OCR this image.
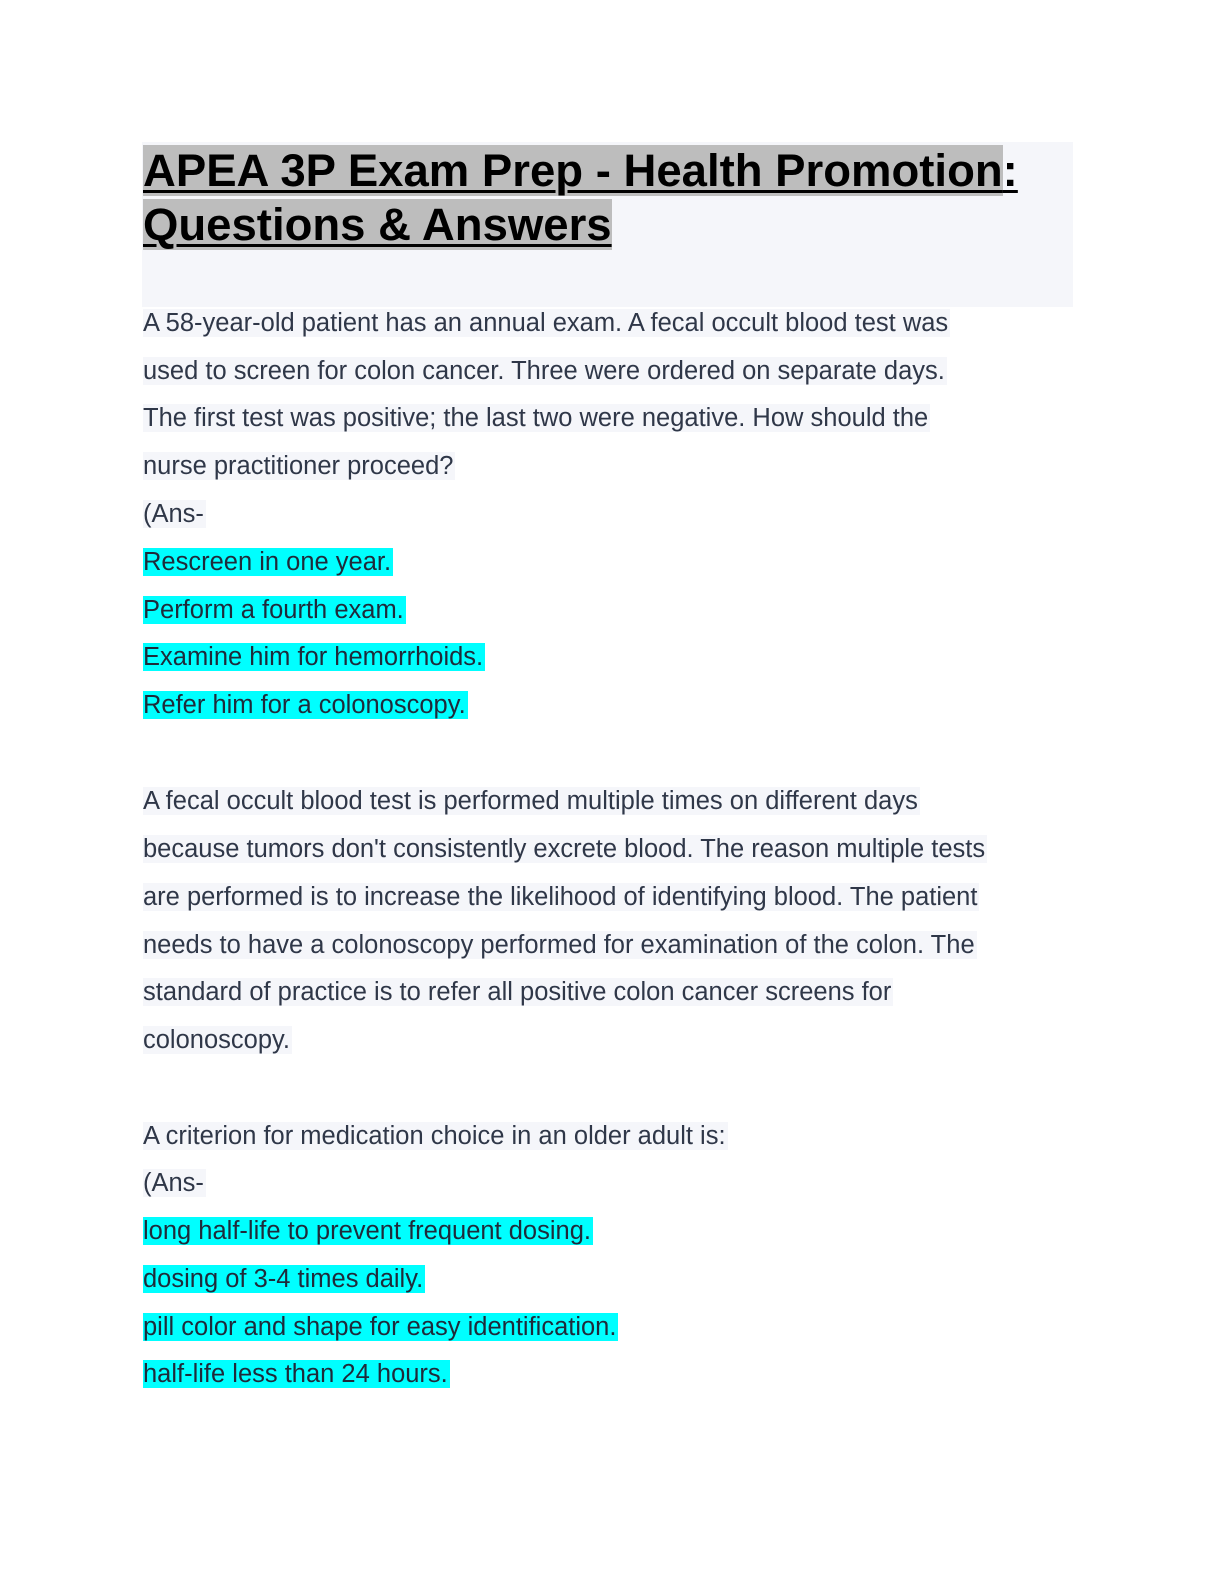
APEA 3P Exam Prep - Health Promotion:
Questions & Answers
A 58-year-old patient has an annual exam. A fecal occult blood test was
used to screen for colon cancer. Three were ordered on separate days.
The first test was positive; the last two were negative. How should the
nurse practitioner proceed?
(Ans-
Rescreen in one year.
Perform a fourth exam.
Examine him for hemorrhoids.
Refer him for a colonoscopy.
A fecal occult blood test is performed multiple times on different days
because tumors don't consistently excrete blood. The reason multiple tests
are performed is to increase the likelihood of identifying blood. The patient
needs to have a colonoscopy performed for examination of the colon. The
standard of practice is to refer all positive colon cancer screens for
colonoscopy.
A criterion for medication choice in an older adult is:
(Ans-
long half-life to prevent frequent dosing.
dosing of 3-4 times daily.
pill color and shape for easy identification.
half-life less than 24 hours.
